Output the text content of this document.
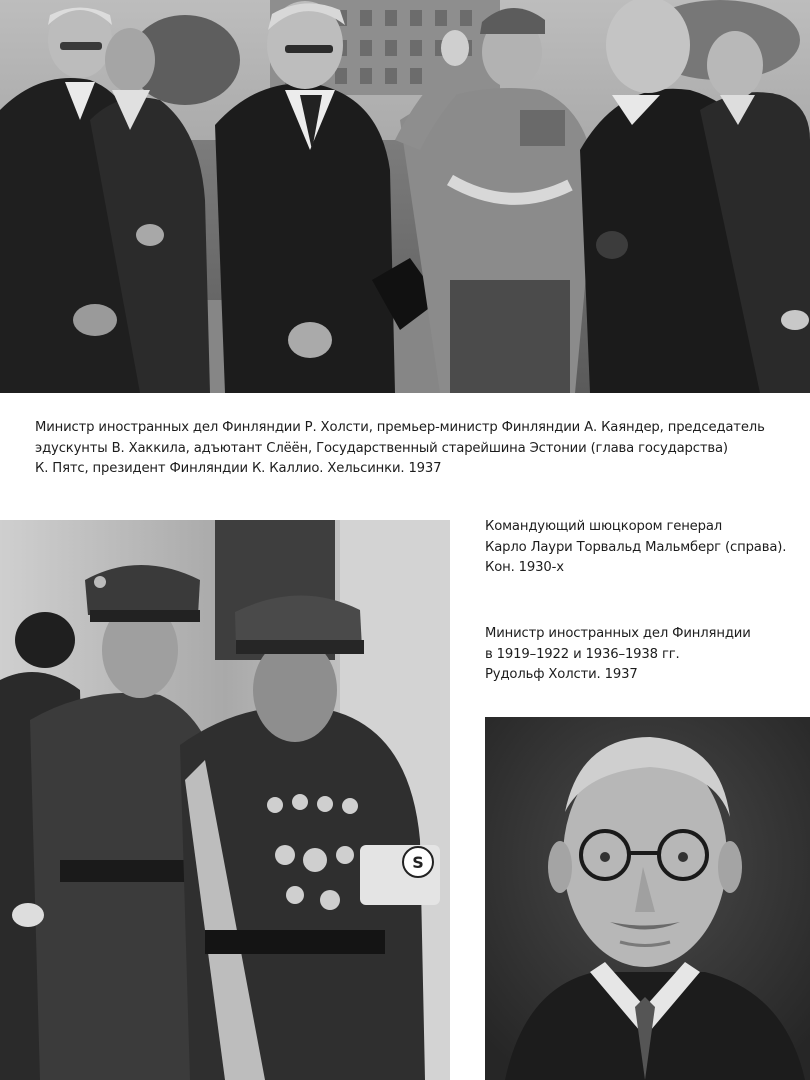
Министр иностранных дел Финляндии Р. Холсти, премьер-министр Финляндии А. Каяндер, председатель
эдускунты В. Хаккила, адъютант Слёён, Государственный старейшина Эстонии (глава государства)
К. Пятс, президент Финляндии К. Каллио. Хельсинки. 1937
S
Командующий шюцкором генерал
Карло Лаури Торвальд Мальмберг (справа).
Кон. 1930-х
Министр иностранных дел Финляндии
в 1919–1922 и 1936–1938 гг.
Рудольф Холсти. 1937
